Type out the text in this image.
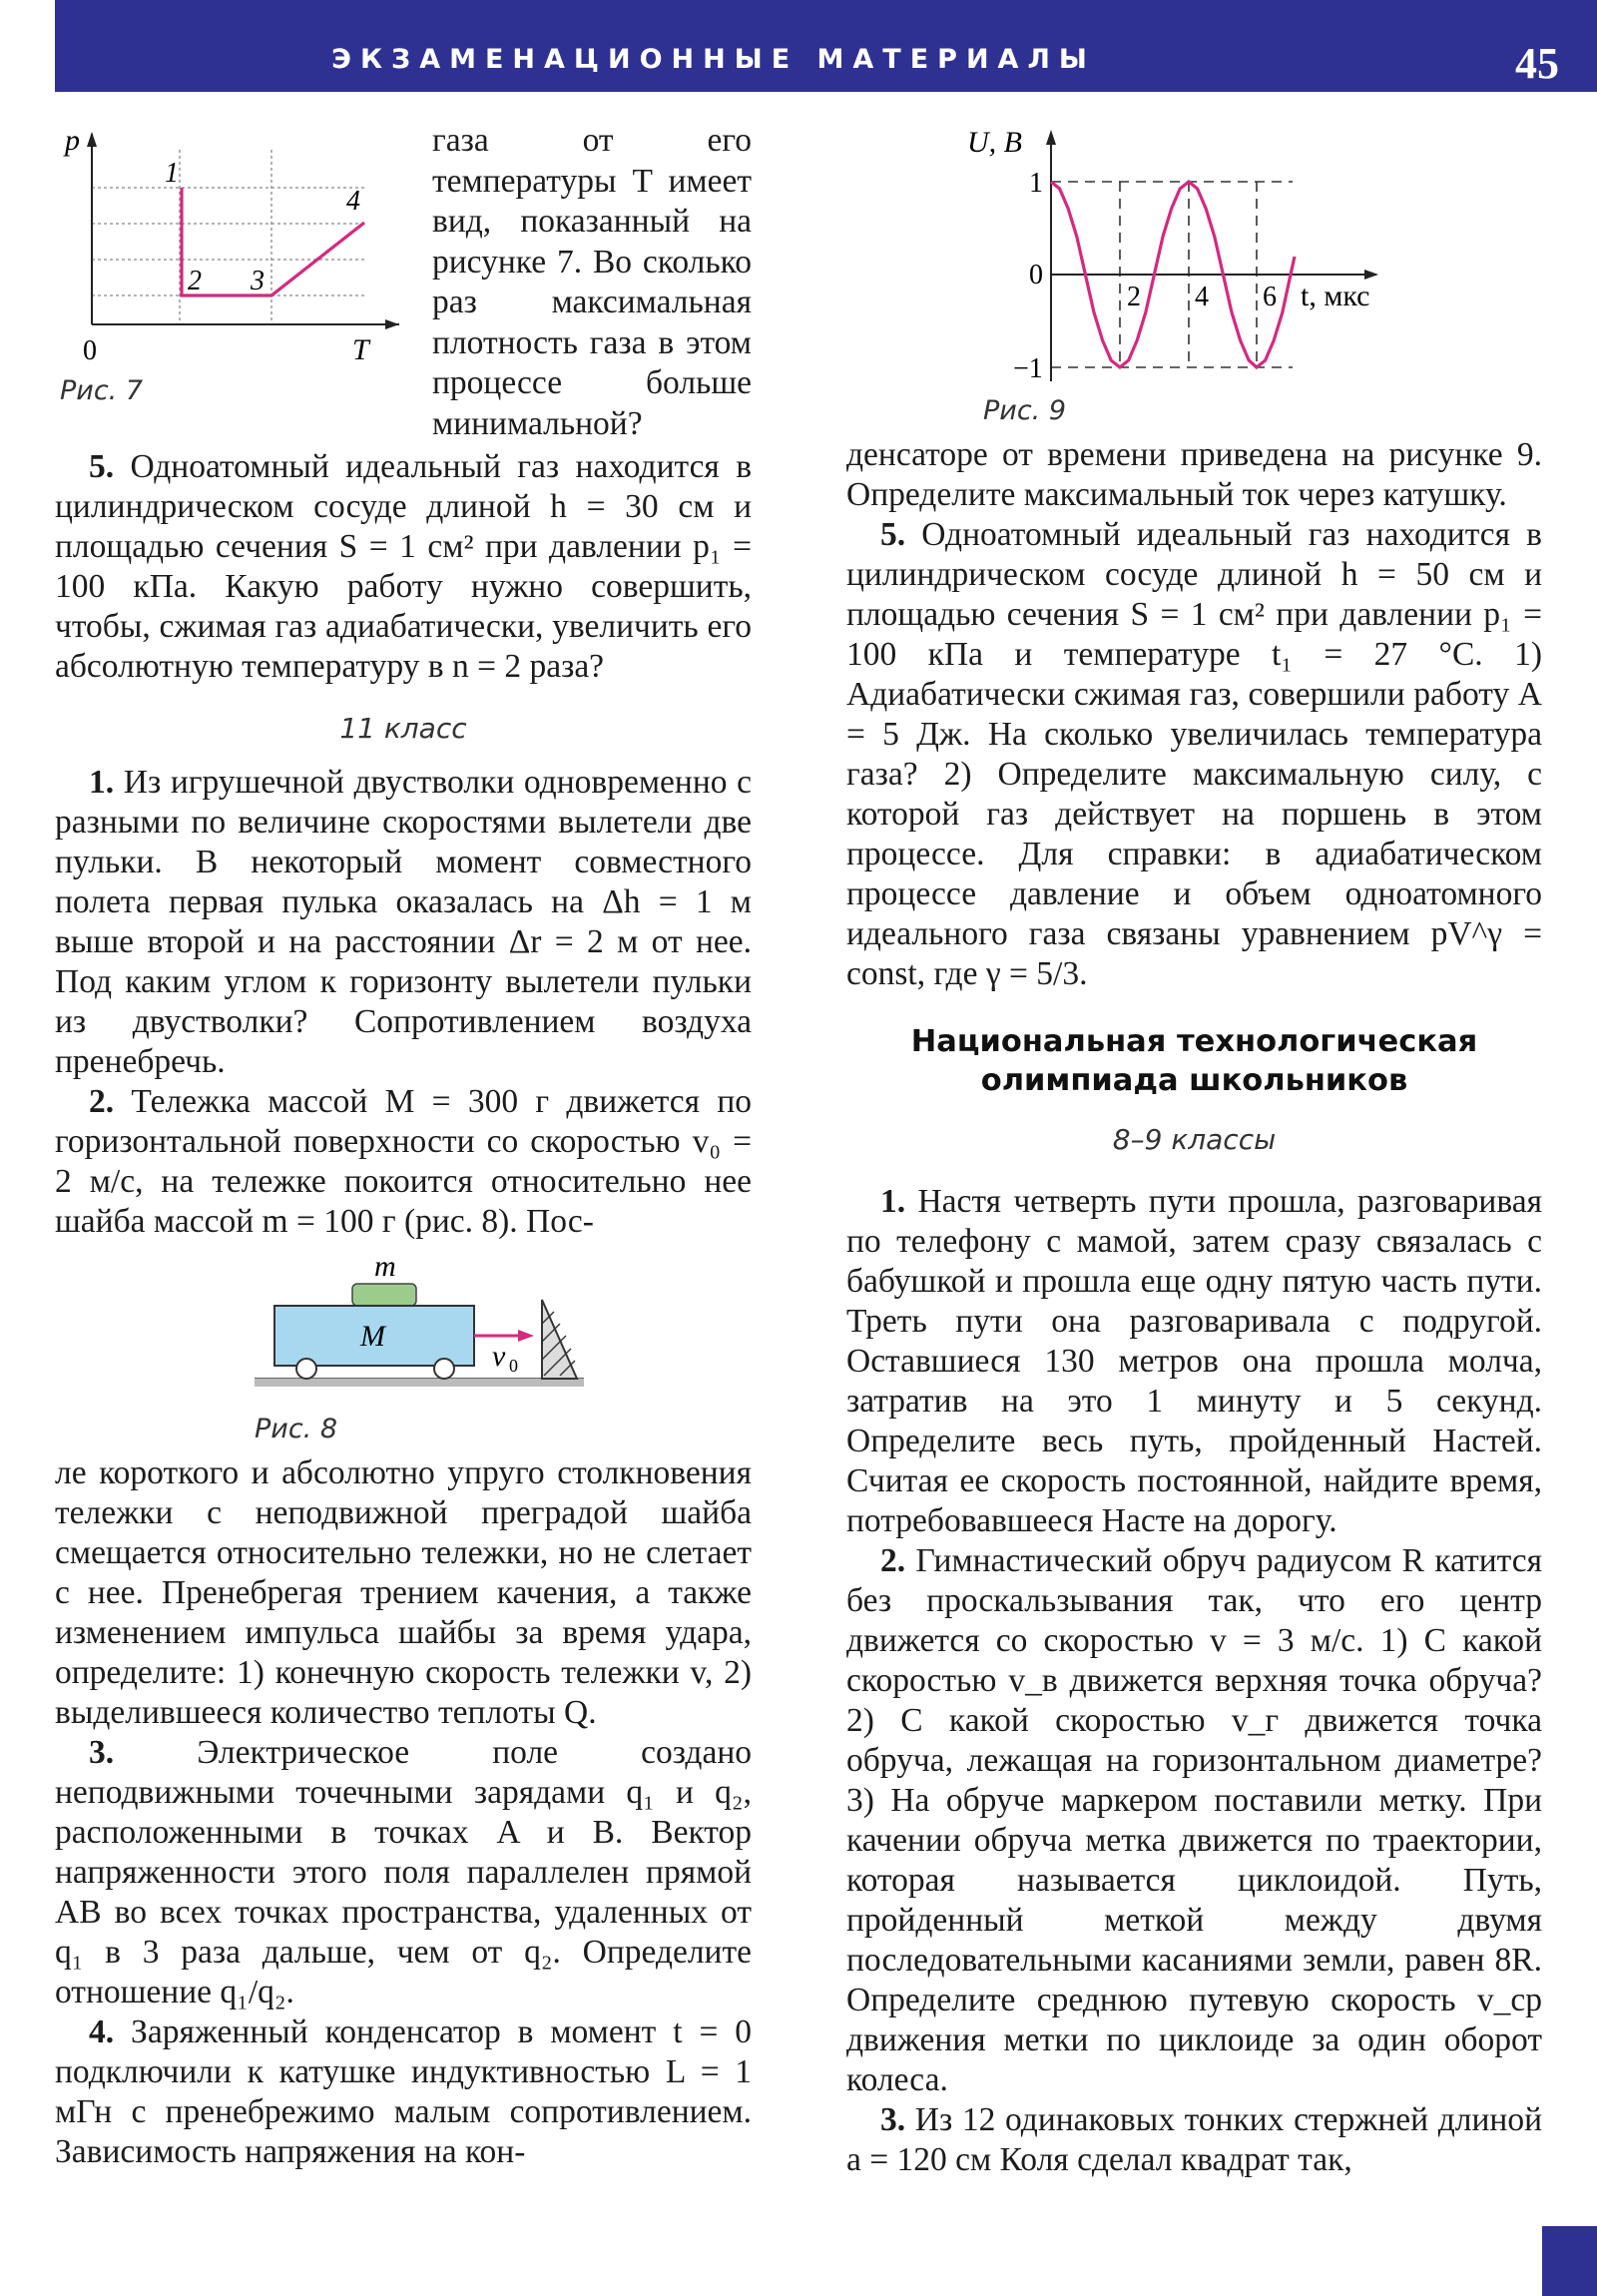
ЭКЗАМЕНАЦИОННЫЕ МАТЕРИАЛЫ	45
p
T
0
1
2 3
4
Рис. 7
газа от его температуры T имеет вид, показанный на рисунке 7. Во сколько раз максимальная плотность газа в этом процессе больше минимальной?

5. Одноатомный идеальный газ находится в цилиндрическом сосуде длиной h = 30 см и площадью сечения S = 1 см² при давлении p₁ = 100 кПа. Какую работу нужно совершить, чтобы, сжимая газ адиабатически, увеличить его абсолютную температуру в n = 2 раза?

11 класс

1. Из игрушечной двустволки одновременно с разными по величине скоростями вылетели две пульки. В некоторый момент совместного полета первая пулька оказалась на Δh = 1 м выше второй и на расстоянии Δr = 2 м от нее. Под каким углом к горизонту вылетели пульки из двустволки? Сопротивлением воздуха пренебречь.

2. Тележка массой M = 300 г движется по горизонтальной поверхности со скоростью v₀ = 2 м/с, на тележке покоится относительно нее шайба массой m = 100 г (рис. 8). Пос-

m
M
v 0
Рис. 8

ле короткого и абсолютно упруго столкновения тележки с неподвижной преградой шайба смещается относительно тележки, но не слетает с нее. Пренебрегая трением качения, а также изменением импульса шайбы за время удара, определите: 1) конечную скорость тележки v, 2) выделившееся количество теплоты Q.

3. Электрическое поле создано неподвижными точечными зарядами q₁ и q₂, расположенными в точках A и B. Вектор напряженности этого поля параллелен прямой AB во всех точках пространства, удаленных от q₁ в 3 раза дальше, чем от q₂. Определите отношение q₁/q₂.

4. Заряженный конденсатор в момент t = 0 подключили к катушке индуктивностью L = 1 мГн с пренебрежимо малым сопротивлением. Зависимость напряжения на кон-

U, В
1
0
−1
2 4 6 t, мкс
Рис. 9

денсаторе от времени приведена на рисунке 9. Определите максимальный ток через катушку.

5. Одноатомный идеальный газ находится в цилиндрическом сосуде длиной h = 50 см и площадью сечения S = 1 см² при давлении p₁ = 100 кПа и температуре t₁ = 27 °С. 1) Адиабатически сжимая газ, совершили работу A = 5 Дж. На сколько увеличилась температура газа? 2) Определите максимальную силу, с которой газ действует на поршень в этом процессе. Для справки: в адиабатическом процессе давление и объем одноатомного идеального газа связаны уравнением pV^γ = const, где γ = 5/3.

Национальная технологическая
олимпиада школьников
8–9 классы

1. Настя четверть пути прошла, разговаривая по телефону с мамой, затем сразу связалась с бабушкой и прошла еще одну пятую часть пути. Треть пути она разговаривала с подругой. Оставшиеся 130 метров она прошла молча, затратив на это 1 минуту и 5 секунд. Определите весь путь, пройденный Настей. Считая ее скорость постоянной, найдите время, потребовавшееся Насте на дорогу.

2. Гимнастический обруч радиусом R катится без проскальзывания так, что его центр движется со скоростью v = 3 м/с. 1) С какой скоростью v_в движется верхняя точка обруча? 2) С какой скоростью v_г движется точка обруча, лежащая на горизонтальном диаметре? 3) На обруче маркером поставили метку. При качении обруча метка движется по траектории, которая называется циклоидой. Путь, пройденный меткой между двумя последовательными касаниями земли, равен 8R. Определите среднюю путевую скорость v_ср движения метки по циклоиде за один оборот колеса.

3. Из 12 одинаковых тонких стержней длиной a = 120 см Коля сделал квадрат так,
